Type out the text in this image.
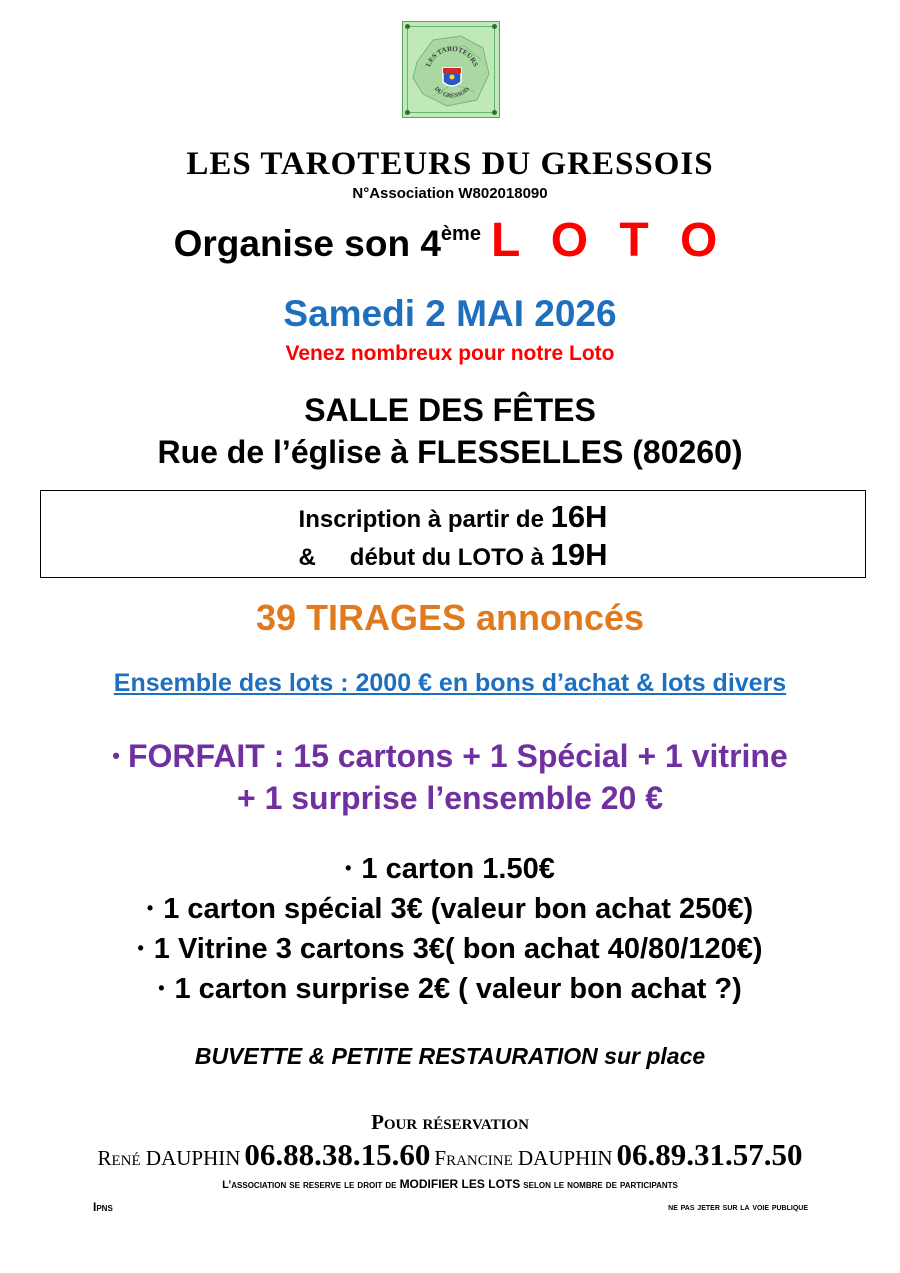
LES TAROTEURS
DU GRESSOIS
LES TAROTEURS DU GRESSOIS
N°Association W802018090
Organise son 4ème L O T O
Samedi 2 MAI 2026
Venez nombreux pour notre Loto
SALLE DES FÊTES
Rue de l’église à FLESSELLES (80260)
Inscription à partir de 16H
& début du LOTO à 19H
39 TIRAGES annoncés
Ensemble des lots : 2000 € en bons d’achat & lots divers
• FORFAIT : 15 cartons + 1 Spécial + 1 vitrine
+ 1 surprise l’ensemble 20 €
• 1 carton 1.50€
• 1 carton spécial 3€ (valeur bon achat 250€)
• 1 Vitrine 3 cartons 3€( bon achat 40/80/120€)
• 1 carton surprise 2€ ( valeur bon achat ?)
BUVETTE & PETITE RESTAURATION sur place
Pour réservation
René DAUPHIN 06.88.38.15.60 Francine DAUPHIN 06.89.31.57.50
L’association se reserve le droit de MODIFIER LES LOTS selon le nombre de participants
Ipns	ne pas jeter sur la voie publique
